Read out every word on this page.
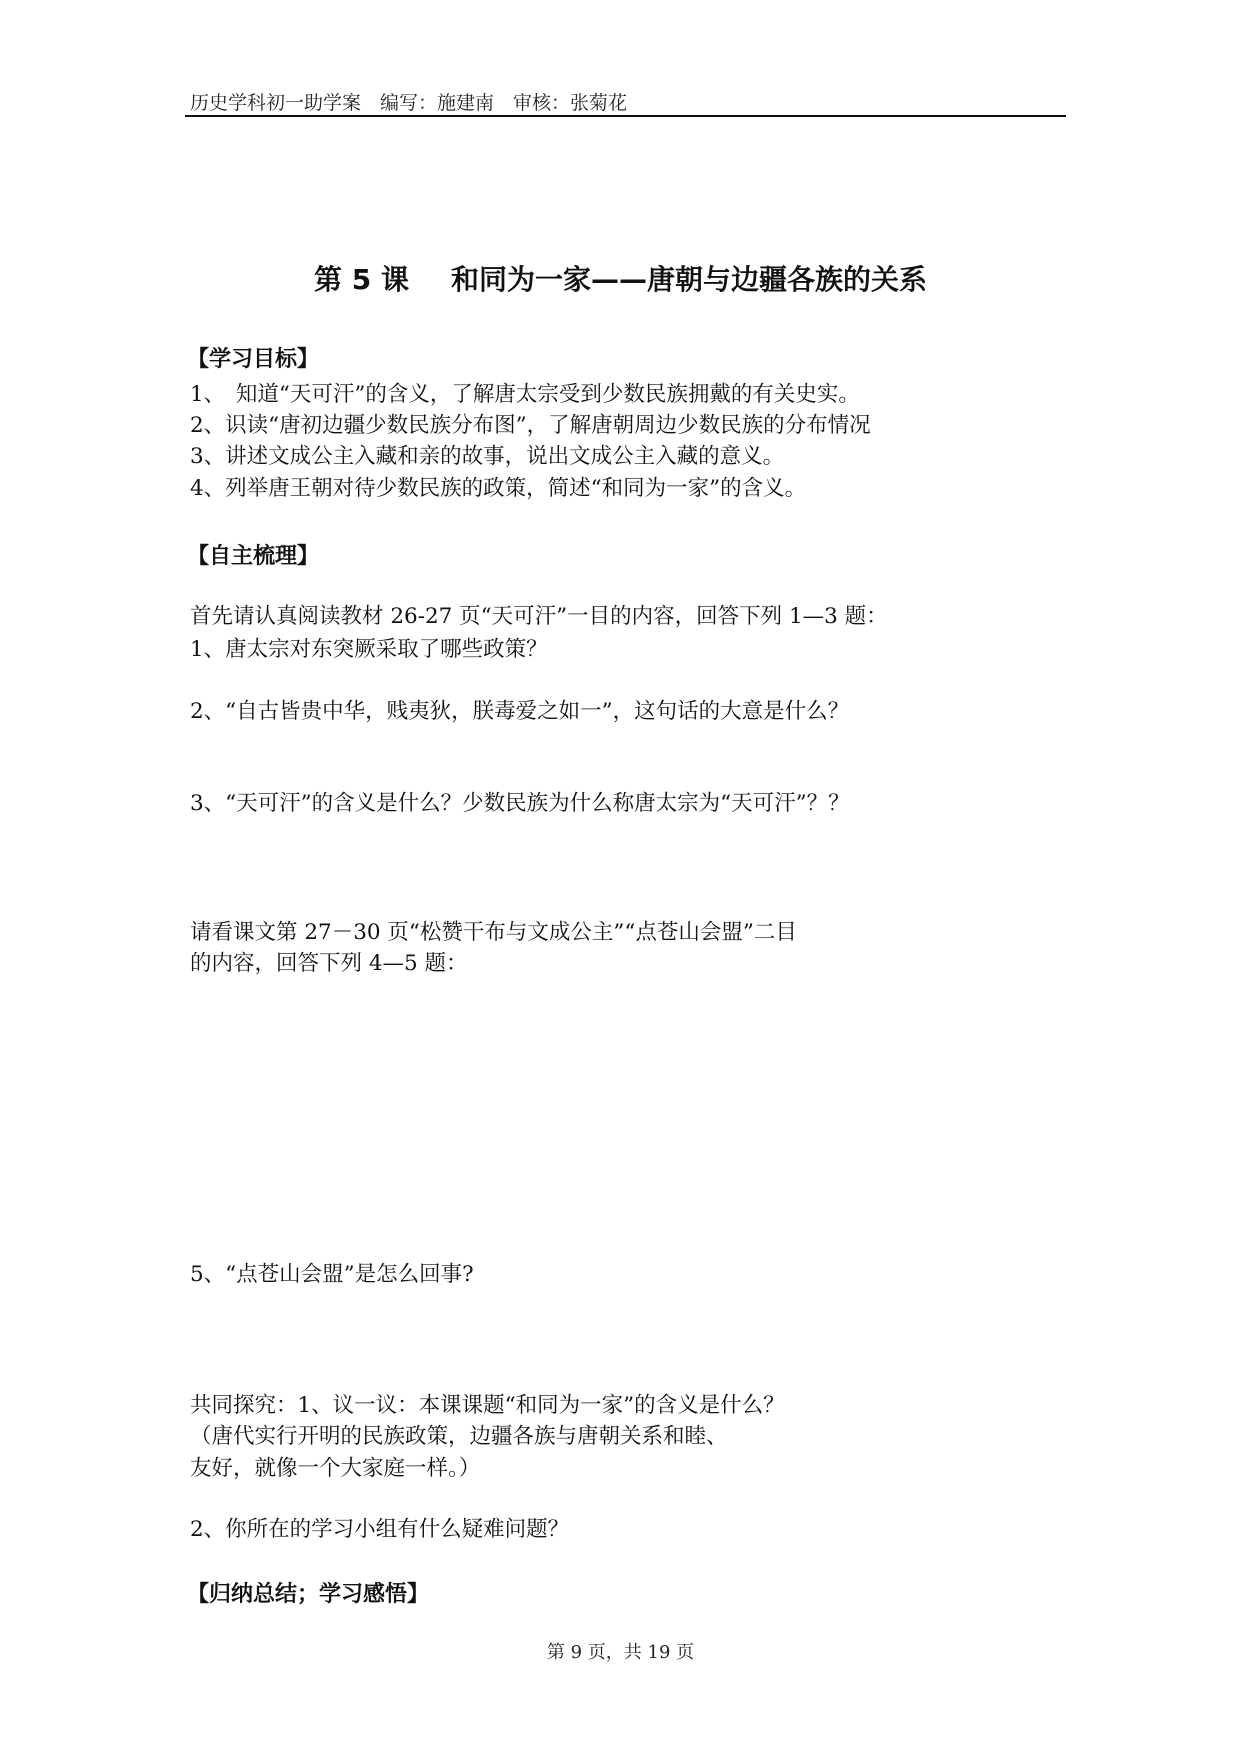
历史学科初一助学案　编写：施建南　审核：张菊花
第 5 课 和同为一家——唐朝与边疆各族的关系
【学习目标】
1、　知道“天可汗”的含义，了解唐太宗受到少数民族拥戴的有关史实。
2、识读“唐初边疆少数民族分布图”，了解唐朝周边少数民族的分布情况
3、讲述文成公主入藏和亲的故事，说出文成公主入藏的意义。
4、列举唐王朝对待少数民族的政策，简述“和同为一家”的含义。
【自主梳理】
首先请认真阅读教材 26-27 页“天可汗”一目的内容，回答下列 1—3 题：
1、唐太宗对东突厥采取了哪些政策？
2、“自古皆贵中华，贱夷狄，朕毒爱之如一”，这句话的大意是什么？
3、“天可汗”的含义是什么？少数民族为什么称唐太宗为“天可汗”？？
请看课文第 27－30 页“松赞干布与文成公主”“点苍山会盟”二目
的内容，回答下列 4—5 题：
5、“点苍山会盟”是怎么回事?
共同探究：1、议一议：本课课题“和同为一家”的含义是什么？
（唐代实行开明的民族政策，边疆各族与唐朝关系和睦、
友好，就像一个大家庭一样。）
2、你所在的学习小组有什么疑难问题？
【归纳总结；学习感悟】
第 9 页，共 19 页
